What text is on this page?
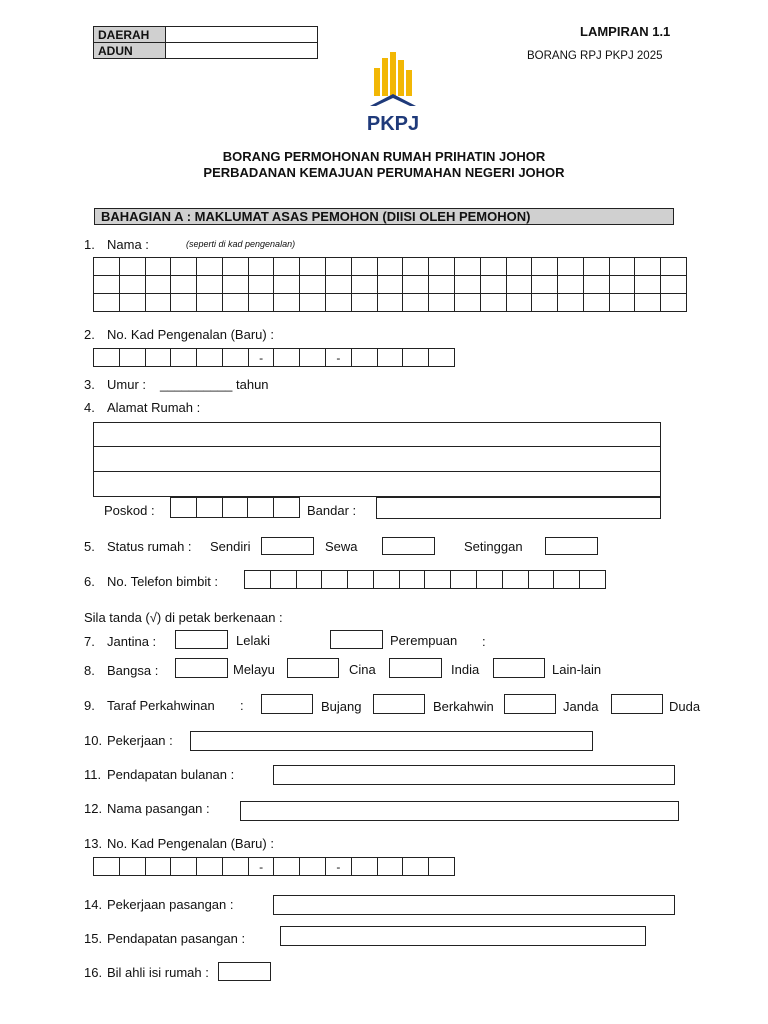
DAERAH	
ADUN	
LAMPIRAN 1.1
BORANG RPJ PKPJ 2025
PKPJ
BORANG PERMOHONAN RUMAH PRIHATIN JOHOR
PERBADANAN KEMAJUAN PERUMAHAN NEGERI JOHOR
BAHAGIAN A : MAKLUMAT ASAS PEMOHON (DIISI OLEH PEMOHON)
1. Nama :	(seperti di kad pengenalan)

2. No. Kad Pengenalan (Baru) :
						-			-				
3. Umur : __________ tahun
4. Alamat Rumah :
Poskod :
					Bandar :
5. Status rumah : Sendiri	Sewa	Setinggan
6. No. Telefon bimbit :

Sila tanda (√) di petak berkenaan :
7. Jantina :	Lelaki	Perempuan :
8. Bangsa :	Melayu	Cina	India	Lain-lain
9. Taraf Perkahwinan :	Bujang	Berkahwin	Janda	Duda
10. Pekerjaan :
11. Pendapatan bulanan :
12. Nama pasangan :
13. No. Kad Pengenalan (Baru) :
						-			-				
14. Pekerjaan pasangan :
15. Pendapatan pasangan :
16. Bil ahli isi rumah :
